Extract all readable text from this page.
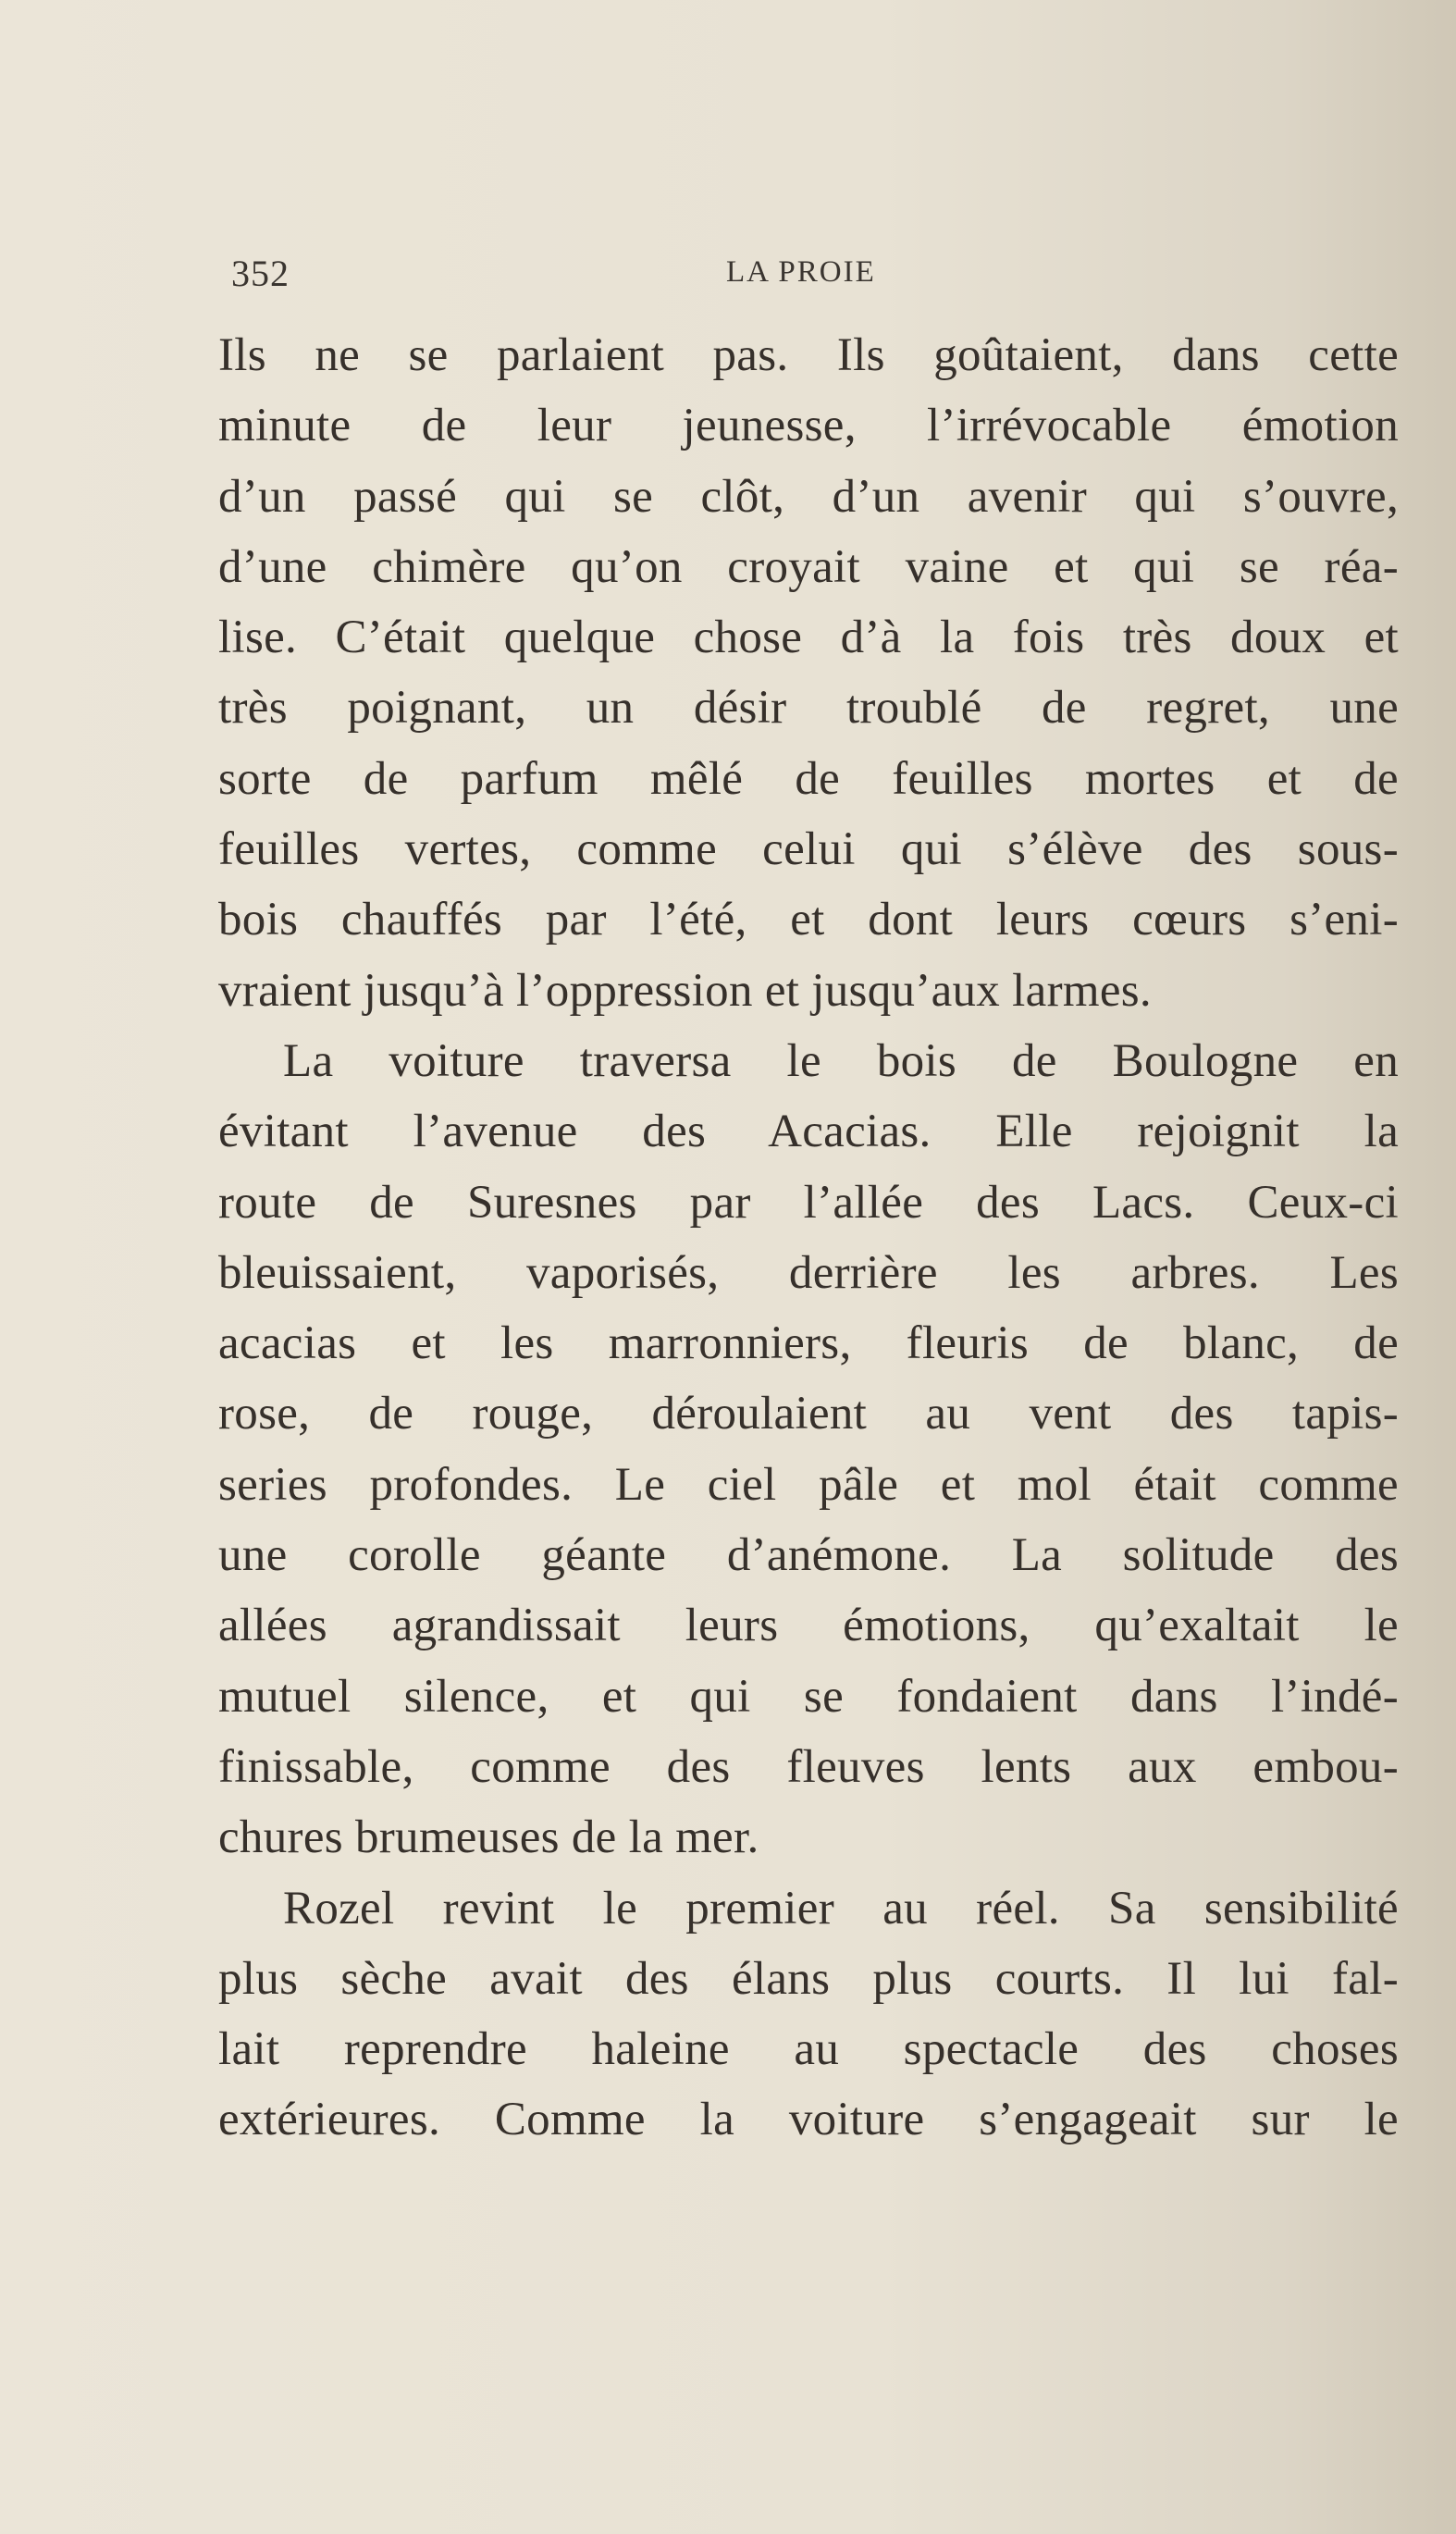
352	LA PROIE
Ils ne se parlaient pas. Ils goûtaient, dans cette
minute de leur jeunesse, l’irrévocable émotion
d’un passé qui se clôt, d’un avenir qui s’ouvre,
d’une chimère qu’on croyait vaine et qui se réa-
lise. C’était quelque chose d’à la fois très doux et
très poignant, un désir troublé de regret, une
sorte de parfum mêlé de feuilles mortes et de
feuilles vertes, comme celui qui s’élève des sous-
bois chauffés par l’été, et dont leurs cœurs s’eni-
vraient jusqu’à l’oppression et jusqu’aux larmes.
La voiture traversa le bois de Boulogne en
évitant l’avenue des Acacias. Elle rejoignit la
route de Suresnes par l’allée des Lacs. Ceux-ci
bleuissaient, vaporisés, derrière les arbres. Les
acacias et les marronniers, fleuris de blanc, de
rose, de rouge, déroulaient au vent des tapis-
series profondes. Le ciel pâle et mol était comme
une corolle géante d’anémone. La solitude des
allées agrandissait leurs émotions, qu’exaltait le
mutuel silence, et qui se fondaient dans l’indé-
finissable, comme des fleuves lents aux embou-
chures brumeuses de la mer.
Rozel revint le premier au réel. Sa sensibilité
plus sèche avait des élans plus courts. Il lui fal-
lait reprendre haleine au spectacle des choses
extérieures. Comme la voiture s’engageait sur le
